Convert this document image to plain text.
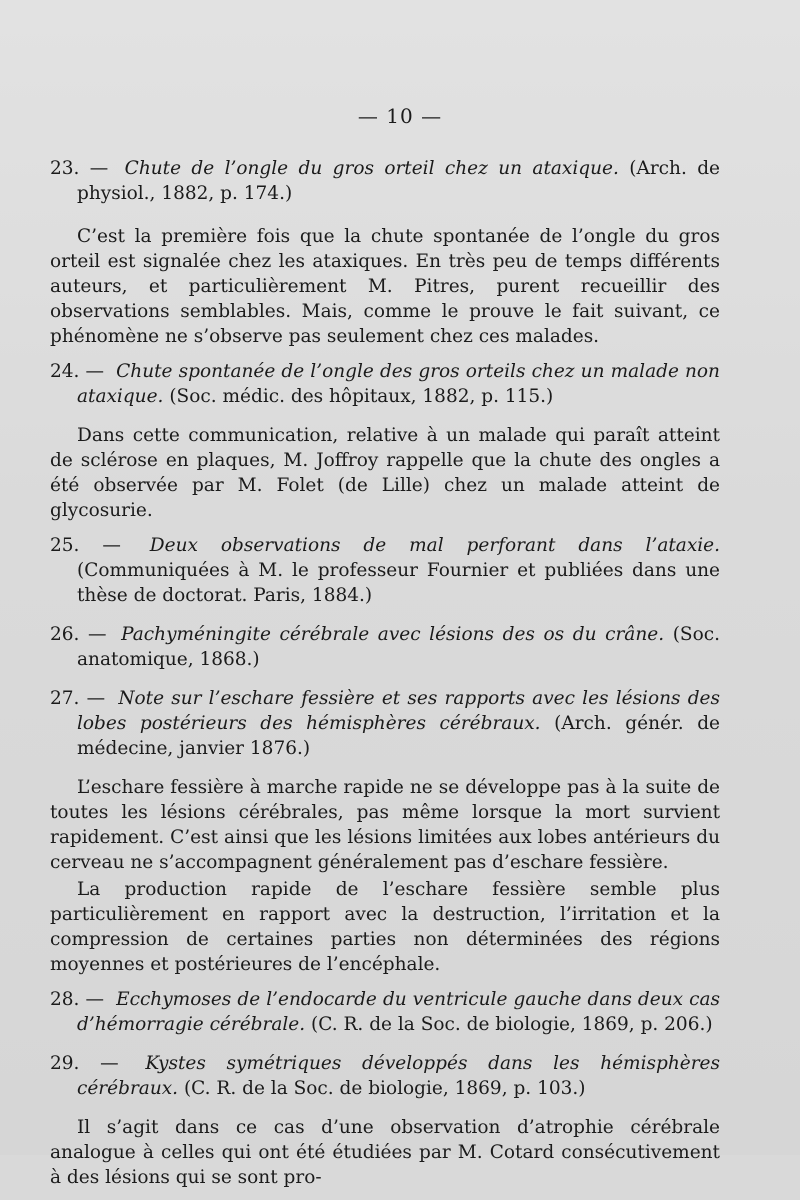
— 10 —
23. — Chute de l’ongle du gros orteil chez un ataxique. (Arch. de physiol., 1882, p. 174.)

C’est la première fois que la chute spontanée de l’ongle du gros orteil est signalée chez les ataxiques. En très peu de temps différents auteurs, et particulièrement M. Pitres, purent recueillir des observations semblables. Mais, comme le prouve le fait suivant, ce phénomène ne s’observe pas seulement chez ces malades.

24. — Chute spontanée de l’ongle des gros orteils chez un malade non ataxique. (Soc. médic. des hôpitaux, 1882, p. 115.)

Dans cette communication, relative à un malade qui paraît atteint de sclérose en plaques, M. Joffroy rappelle que la chute des ongles a été observée par M. Folet (de Lille) chez un malade atteint de glycosurie.

25. — Deux observations de mal perforant dans l’ataxie. (Communiquées à M. le professeur Fournier et publiées dans une thèse de doctorat. Paris, 1884.)
26. — Pachyméningite cérébrale avec lésions des os du crâne. (Soc. anatomique, 1868.)
27. — Note sur l’eschare fessière et ses rapports avec les lésions des lobes postérieurs des hémisphères cérébraux. (Arch. génér. de médecine, janvier 1876.)

L’eschare fessière à marche rapide ne se développe pas à la suite de toutes les lésions cérébrales, pas même lorsque la mort survient rapidement. C’est ainsi que les lésions limitées aux lobes antérieurs du cerveau ne s’accompagnent généralement pas d’eschare fessière.

La production rapide de l’eschare fessière semble plus particulièrement en rapport avec la destruction, l’irritation et la compression de certaines parties non déterminées des régions moyennes et postérieures de l’encéphale.

28. — Ecchymoses de l’endocarde du ventricule gauche dans deux cas d’hémorragie cérébrale. (C. R. de la Soc. de biologie, 1869, p. 206.)
29. — Kystes symétriques développés dans les hémisphères cérébraux. (C. R. de la Soc. de biologie, 1869, p. 103.)

Il s’agit dans ce cas d’une observation d’atrophie cérébrale analogue à celles qui ont été étudiées par M. Cotard consécutivement à des lésions qui se sont pro-
